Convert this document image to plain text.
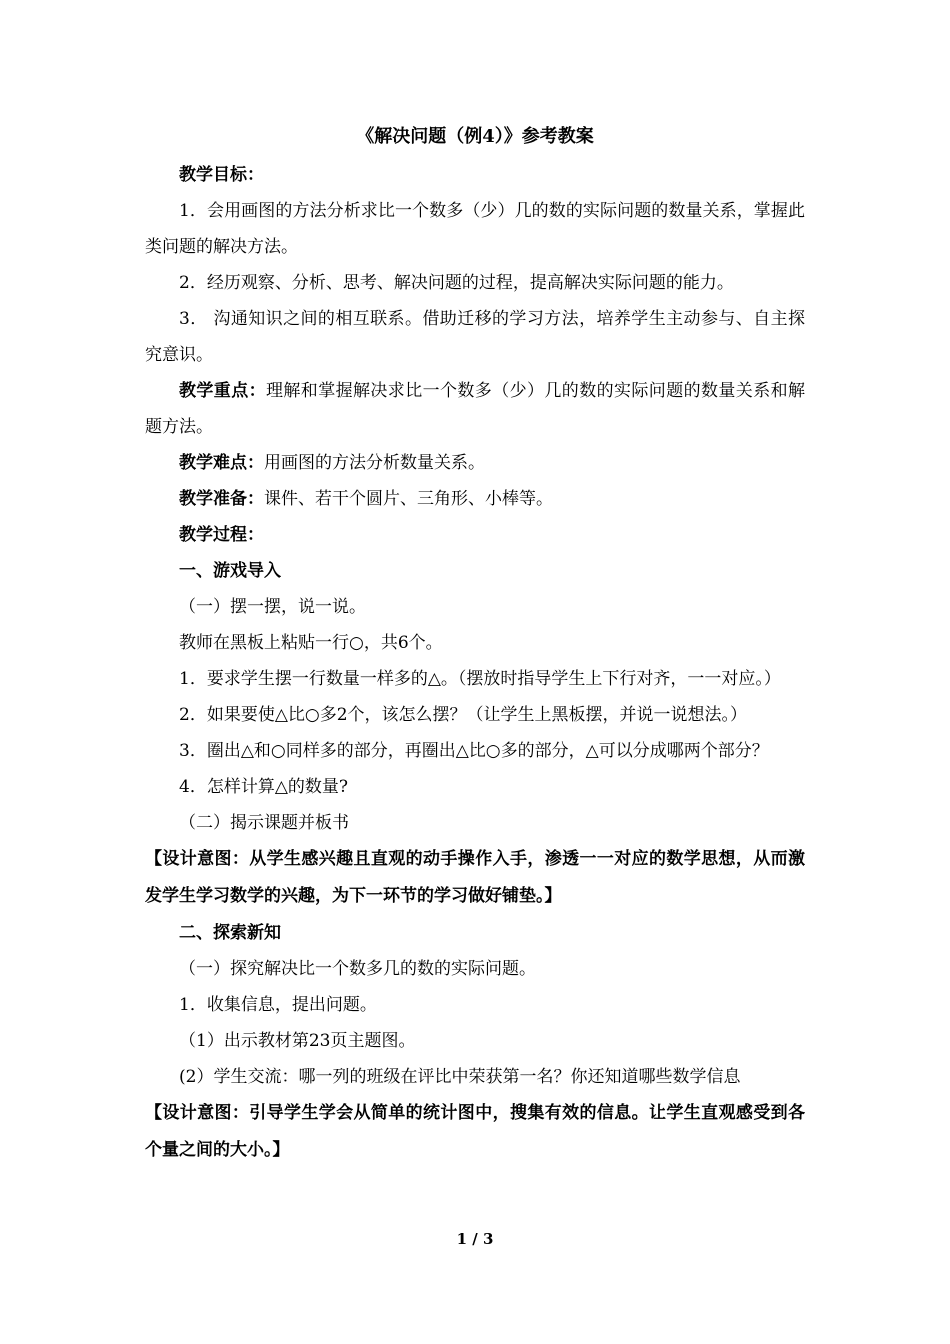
《解决问题（例4）》参考教案

教学目标：

1．会用画图的方法分析求比一个数多（少）几的数的实际问题的数量关系，掌握此类问题的解决方法。

2．经历观察、分析、思考、解决问题的过程，提高解决实际问题的能力。

3． 沟通知识之间的相互联系。借助迁移的学习方法，培养学生主动参与、自主探究意识。

教学重点：理解和掌握解决求比一个数多（少）几的数的实际问题的数量关系和解题方法。

教学难点：用画图的方法分析数量关系。

教学准备：课件、若干个圆片、三角形、小棒等。

教学过程：

一、游戏导入

（一）摆一摆，说一说。

教师在黑板上粘贴一行○，共6个。

1．要求学生摆一行数量一样多的△。（摆放时指导学生上下行对齐，一一对应。）

2．如果要使△比○多2个，该怎么摆？（让学生上黑板摆，并说一说想法。）

3．圈出△和○同样多的部分，再圈出△比○多的部分，△可以分成哪两个部分？

4．怎样计算△的数量?

（二）揭示课题并板书

【设计意图：从学生感兴趣且直观的动手操作入手，渗透一一对应的数学思想，从而激发学生学习数学的兴趣，为下一环节的学习做好铺垫。】

二、探索新知

（一）探究解决比一个数多几的数的实际问题。

1．收集信息，提出问题。

（1）出示教材第23页主题图。

(2）学生交流：哪一列的班级在评比中荣获第一名？你还知道哪些数学信息

【设计意图：引导学生学会从简单的统计图中，搜集有效的信息。让学生直观感受到各个量之间的大小。】

1 / 3
